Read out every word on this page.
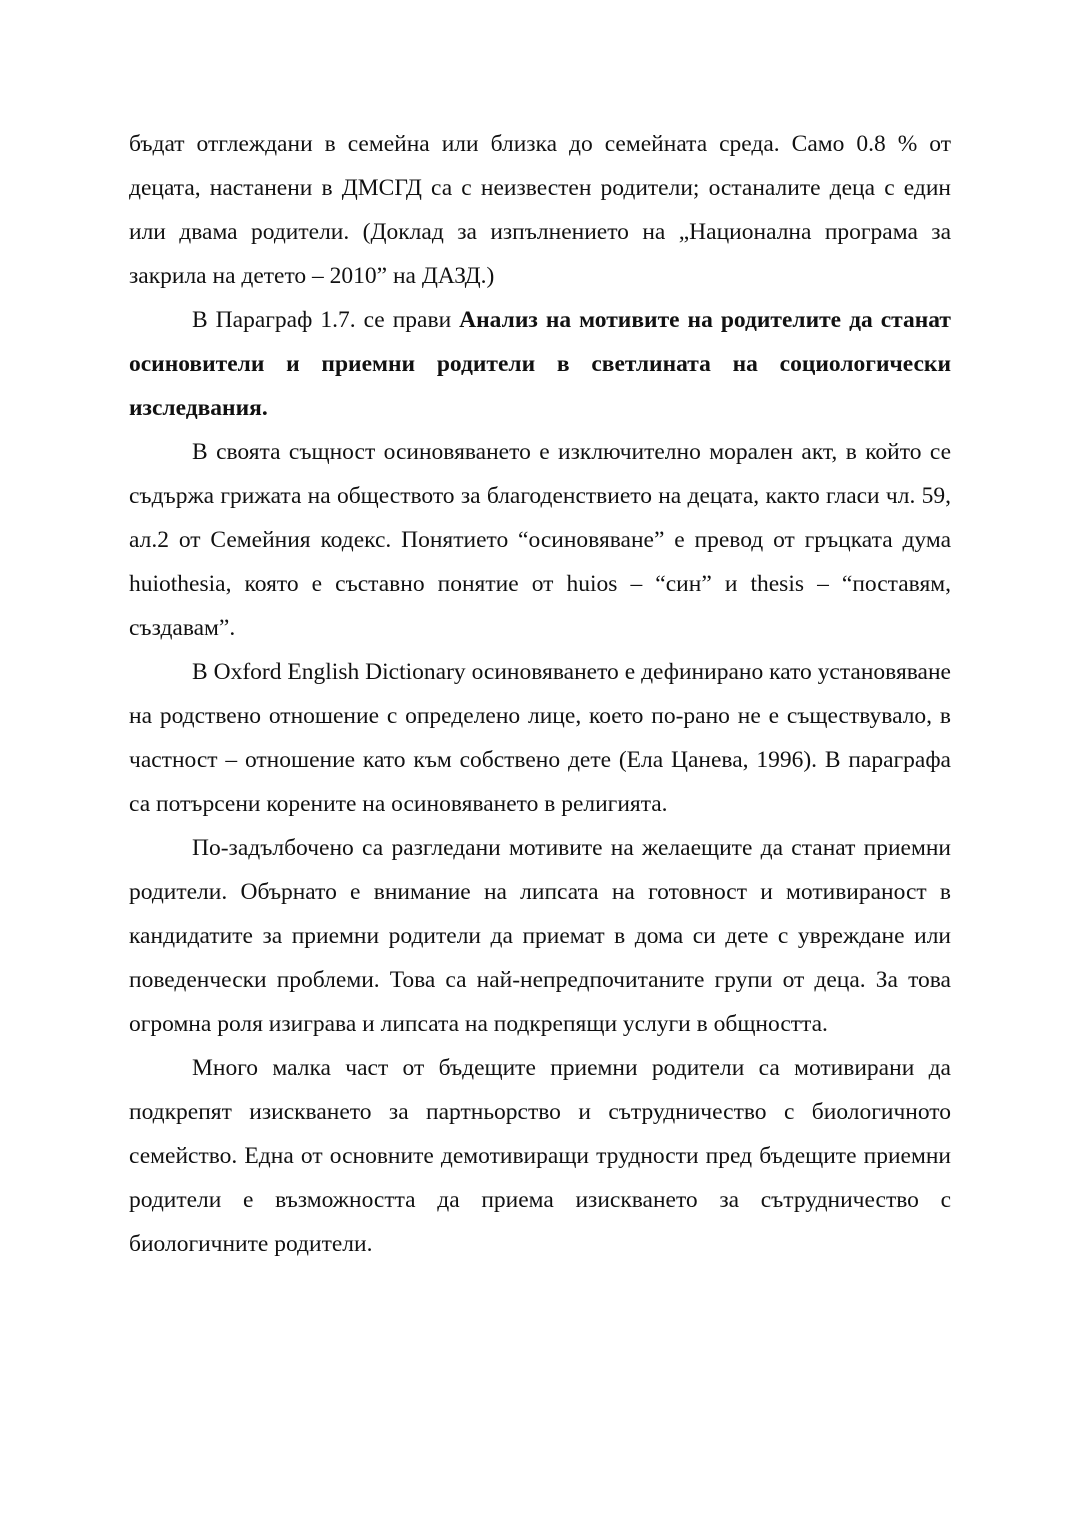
бъдат отглеждани в семейна или близка до семейната среда. Само 0.8 % от децата, настанени в ДМСГД са с неизвестен родители; останалите деца с един или двама родители. (Доклад за изпълнението на „Национална програма за закрила на детето – 2010” на ДАЗД.)

В Параграф 1.7. се прави Анализ на мотивите на родителите да станат осиновители и приемни родители в светлината на социологически изследвания.

В своята същност осиновяването е изключително морален акт, в който се съдържа грижата на обществото за благоденствието на децата, както гласи чл. 59, ал.2 от Семейния кодекс. Понятието “осиновяване” е превод от гръцката дума huiothesia, която е съставно понятие от huios – “син” и thesis – “поставям, създавам”.

В Oxford English Dictionary осиновяването е дефинирано като установяване на родствено отношение с определено лице, което по-рано не е съществувало, в частност – отношение като към собствено дете (Ела Цанева, 1996). В параграфа са потърсени корените на осиновяването в религията.

По-задълбочено са разгледани мотивите на желаещите да станат приемни родители. Обърнато е внимание на липсата на готовност и мотивираност в кандидатите за приемни родители да приемат в дома си дете с увреждане или поведенчески проблеми. Това са най-непредпочитаните групи от деца. За това огромна роля изиграва и липсата на подкрепящи услуги в общността.

Много малка част от бъдещите приемни родители са мотивирани да подкрепят изискването за партньорство и сътрудничество с биологичното семейство. Една от основните демотивиращи трудности пред бъдещите приемни родители е възможността да приема изискването за сътрудничество с биологичните родители.
